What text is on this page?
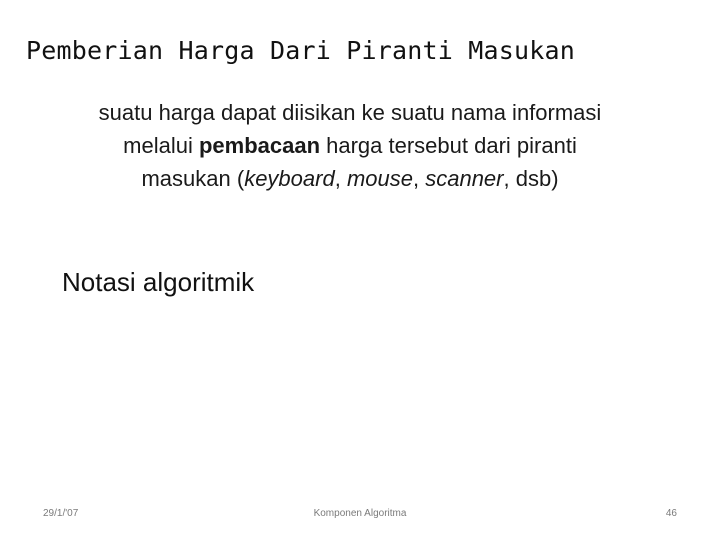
Pemberian Harga Dari Piranti Masukan
suatu harga dapat diisikan ke suatu nama informasi
melalui pembacaan harga tersebut dari piranti
masukan (keyboard, mouse, scanner, dsb)
Notasi algoritmik
29/1/'07	Komponen Algoritma	46
